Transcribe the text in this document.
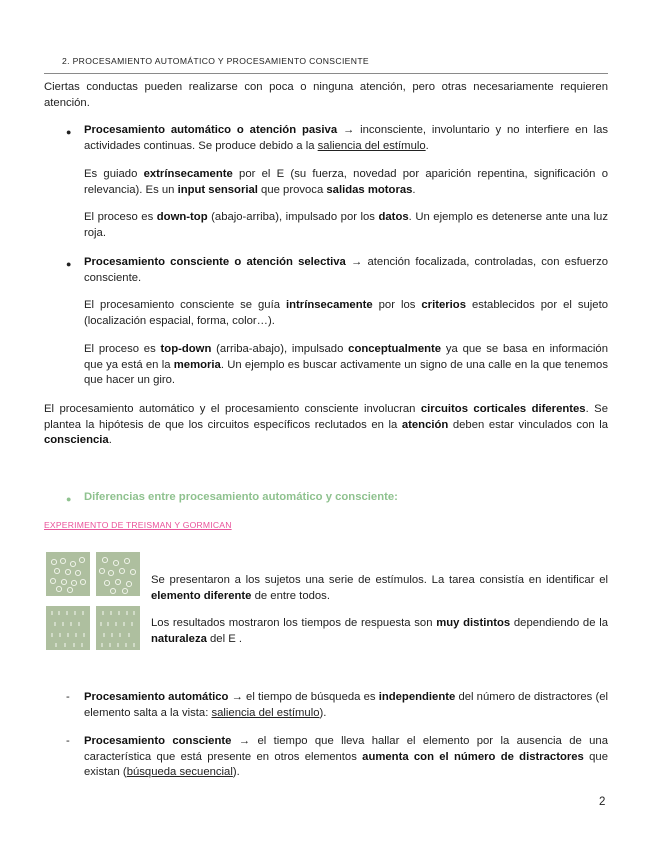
2. PROCESAMIENTO AUTOMÁTICO Y PROCESAMIENTO CONSCIENTE
Ciertas conductas pueden realizarse con poca o ninguna atención, pero otras necesariamente requieren atención.
● Procesamiento automático o atención pasiva → inconsciente, involuntario y no interfiere en las actividades continuas. Se produce debido a la saliencia del estímulo.
Es guiado extrínsecamente por el E (su fuerza, novedad por aparición repentina, significación o relevancia). Es un input sensorial que provoca salidas motoras.
El proceso es down-top (abajo-arriba), impulsado por los datos. Un ejemplo es detenerse ante una luz roja.
● Procesamiento consciente o atención selectiva → atención focalizada, controladas, con esfuerzo consciente.
El procesamiento consciente se guía intrínsecamente por los criterios establecidos por el sujeto (localización espacial, forma, color…).
El proceso es top-down (arriba-abajo), impulsado conceptualmente ya que se basa en información que ya está en la memoria. Un ejemplo es buscar activamente un signo de una calle en la que tenemos que hacer un giro.
El procesamiento automático y el procesamiento consciente involucran circuitos corticales diferentes. Se plantea la hipótesis de que los circuitos específicos reclutados en la atención deben estar vinculados con la consciencia.
● Diferencias entre procesamiento automático y consciente:
EXPERIMENTO DE TREISMAN Y GORMICAN
Se presentaron a los sujetos una serie de estímulos. La tarea consistía en identificar el elemento diferente de entre todos.
Los resultados mostraron los tiempos de respuesta son muy distintos dependiendo de la naturaleza del E .
- Procesamiento automático → el tiempo de búsqueda es independiente del número de distractores (el elemento salta a la vista: saliencia del estímulo).
- Procesamiento consciente → el tiempo que lleva hallar el elemento por la ausencia de una característica que está presente en otros elementos aumenta con el número de distractores que existan (búsqueda secuencial).
2
